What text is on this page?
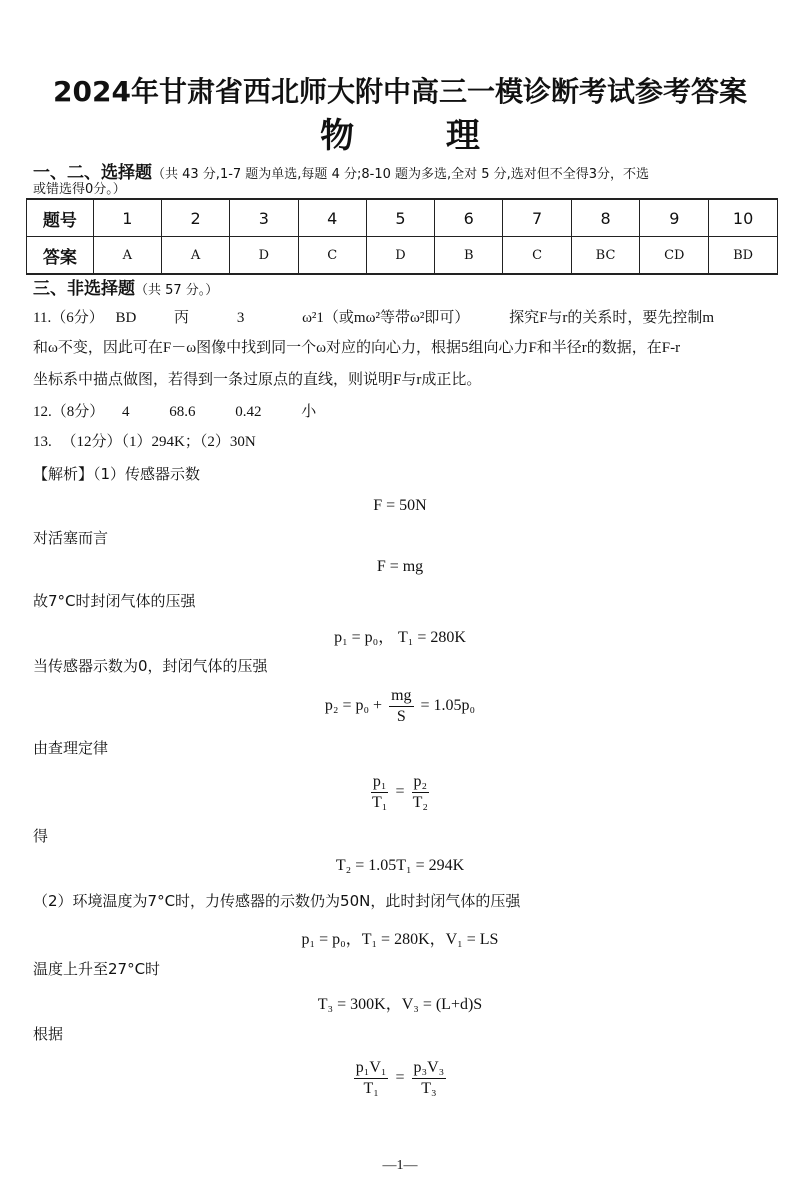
2024年甘肃省西北师大附中高三一模诊断考试参考答案
物 理
一、二、选择题（共 43 分,1-7 题为单选,每题 4 分;8-10 题为多选,全对 5 分,选对但不全得3分，不选
或错选得0分。）
题号	1	2	3	4	5	6	7	8	9	10
答案	A	A	D	C	D	B	C	BC	CD	BD
三、非选择题（共 57 分。）
11.（6分） BD	丙	3	ω²1（或mω²等带ω²即可）	探究F与r的关系时，要先控制m
和ω不变，因此可在F－ω图像中找到同一个ω对应的向心力，根据5组向心力F和半径r的数据，在F-r
坐标系中描点做图，若得到一条过原点的直线，则说明F与r成正比。
12.（8分） 4	68.6	0.42	小
13. （12分）（1）294K；（2）30N
【解析】（1）传感器示数
F = 50N
对活塞而言
F = mg
故7°C时封闭气体的压强
p₁ = p₀， T₁ = 280K
当传感器示数为0，封闭气体的压强
$p_2 = p_0 + \frac{mg}{S} = 1.05p_0$
由查理定律
$\frac{\text{p₁}}{\text{T₁}} = \frac{\text{p₂}}{\text{T₂}}$
得
T₂ = 1.05T₁ = 294K
（2）环境温度为7°C时，力传感器的示数仍为50N，此时封闭气体的压强
p₁ = p₀，T₁ = 280K，V₁ = LS
温度上升至27°C时
T₃ = 300K，V₃ = (L+d)S
根据
$\frac{\text{p₁V₁}}{\text{T₁}} = \frac{\text{p₃V₃}}{\text{T₃}}$
—1—
